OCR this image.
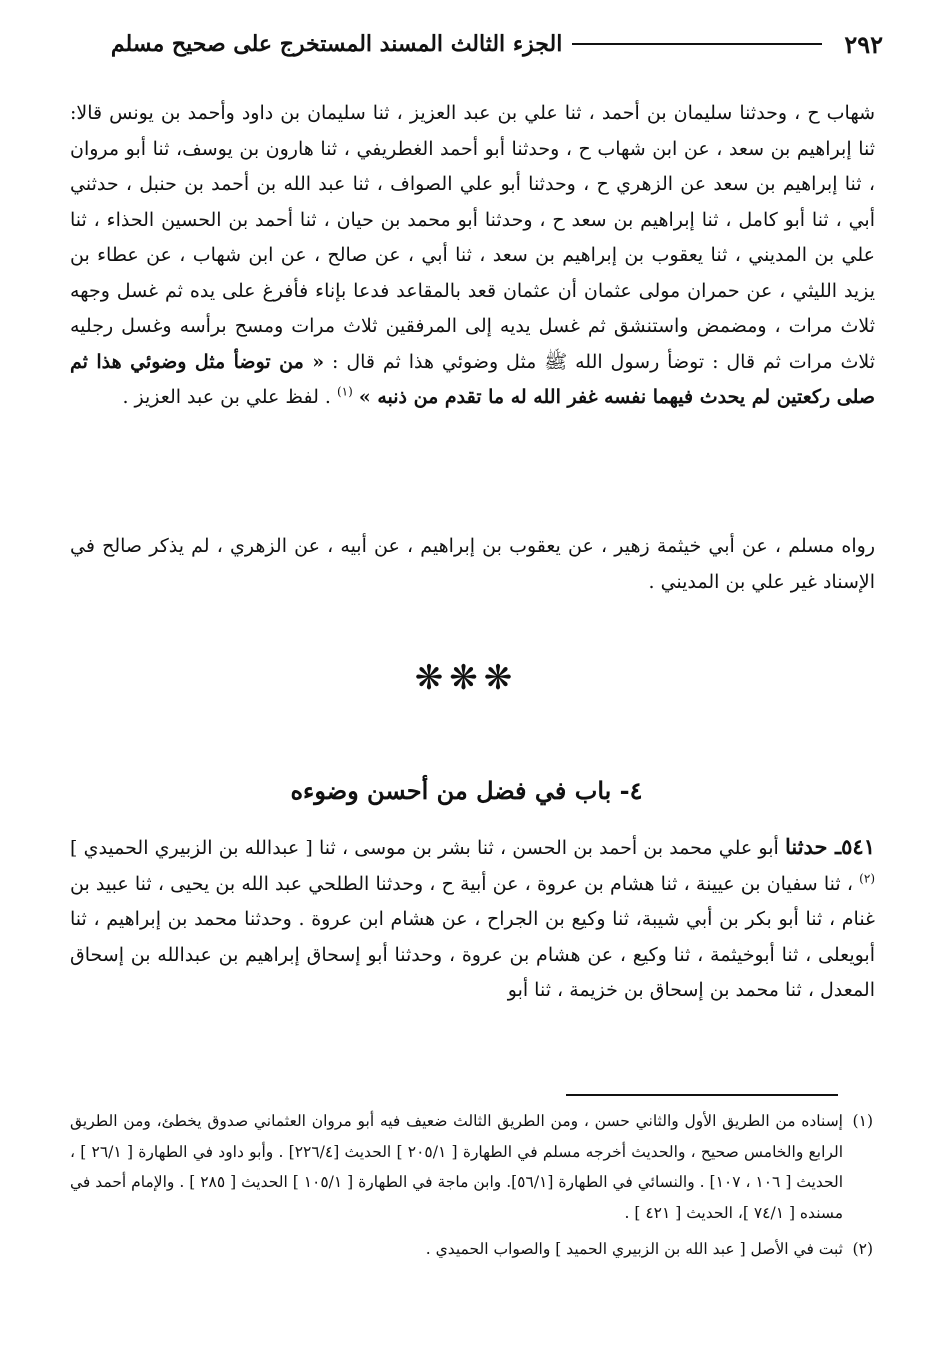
٢٩٢
الجزء الثالث المسند المستخرج على صحيح مسلم

شهاب ح ، وحدثنا سليمان بن أحمد ، ثنا علي بن عبد العزيز ، ثنا سليمان بن داود وأحمد بن يونس قالا: ثنا إبراهيم بن سعد ، عن ابن شهاب ح ، وحدثنا أبو أحمد الغطريفي ، ثنا هارون بن يوسف، ثنا أبو مروان ، ثنا إبراهيم بن سعد عن الزهري ح ، وحدثنا أبو علي الصواف ، ثنا عبد الله بن أحمد بن حنبل ، حدثني أبي ، ثنا أبو كامل ، ثنا إبراهيم بن سعد ح ، وحدثنا أبو محمد بن حيان ، ثنا أحمد بن الحسين الحذاء ، ثنا علي بن المديني ، ثنا يعقوب بن إبراهيم بن سعد ، ثنا أبي ، عن صالح ، عن ابن شهاب ، عن عطاء بن يزيد الليثي ، عن حمران مولى عثمان أن عثمان قعد بالمقاعد فدعا بإناء فأفرغ على يده ثم غسل وجهه ثلاث مرات ، ومضمض واستنشق ثم غسل يديه إلى المرفقين ثلاث مرات ومسح برأسه وغسل رجليه ثلاث مرات ثم قال : توضأ رسول الله ﷺ مثل وضوئي هذا ثم قال : « من توضأ مثل وضوئي هذا ثم صلى ركعتين لم يحدث فيهما نفسه غفر الله له ما تقدم من ذنبه » $^{(١)}$ . لفظ علي بن عبد العزيز .

رواه مسلم ، عن أبي خيثمة زهير ، عن يعقوب بن إبراهيم ، عن أبيه ، عن الزهري ، لم يذكر صالح في الإسناد غير علي بن المديني .

❋❋❋
٤- باب في فضل من أحسن وضوءه

٥٤١ـ حدثنا أبو علي محمد بن أحمد بن الحسن ، ثنا بشر بن موسى ، ثنا [ عبدالله بن الزبيري الحميدي ]$^{(٢)}$ ، ثنا سفيان بن عيينة ، ثنا هشام بن عروة ، عن أبية ح ، وحدثنا الطلحي عبد الله بن يحيى ، ثنا عبيد بن غنام ، ثنا أبو بكر بن أبي شيبة، ثنا وكيع بن الجراح ، عن هشام ابن عروة . وحدثنا محمد بن إبراهيم ، ثنا أبويعلى ، ثنا أبوخيثمة ، ثنا وكيع ، عن هشام بن عروة ، وحدثنا أبو إسحاق إبراهيم بن عبدالله بن إسحاق المعدل ، ثنا محمد بن إسحاق بن خزيمة ، ثنا أبو

(١)
إسناده من الطريق الأول والثاني حسن ، ومن الطريق الثالث ضعيف فيه أبو مروان العثماني صدوق يخطئ، ومن الطريق الرابع والخامس صحيح ، والحديث أخرجه مسلم في الطهارة [ ٢٠٥/١ ] الحديث [٢٢٦/٤] . وأبو داود في الطهارة [ ٢٦/١ ] ، الحديث [ ١٠٦ ، ١٠٧] . والنسائي في الطهارة [٥٦/١]. وابن ماجة في الطهارة [ ١٠٥/١ ] الحديث [ ٢٨٥ ] . والإمام أحمد في مسنده [ ٧٤/١ ]، الحديث [ ٤٢١ ] .

(٢)
ثبت في الأصل [ عبد الله بن الزبيري الحميد ] والصواب الحميدي .
